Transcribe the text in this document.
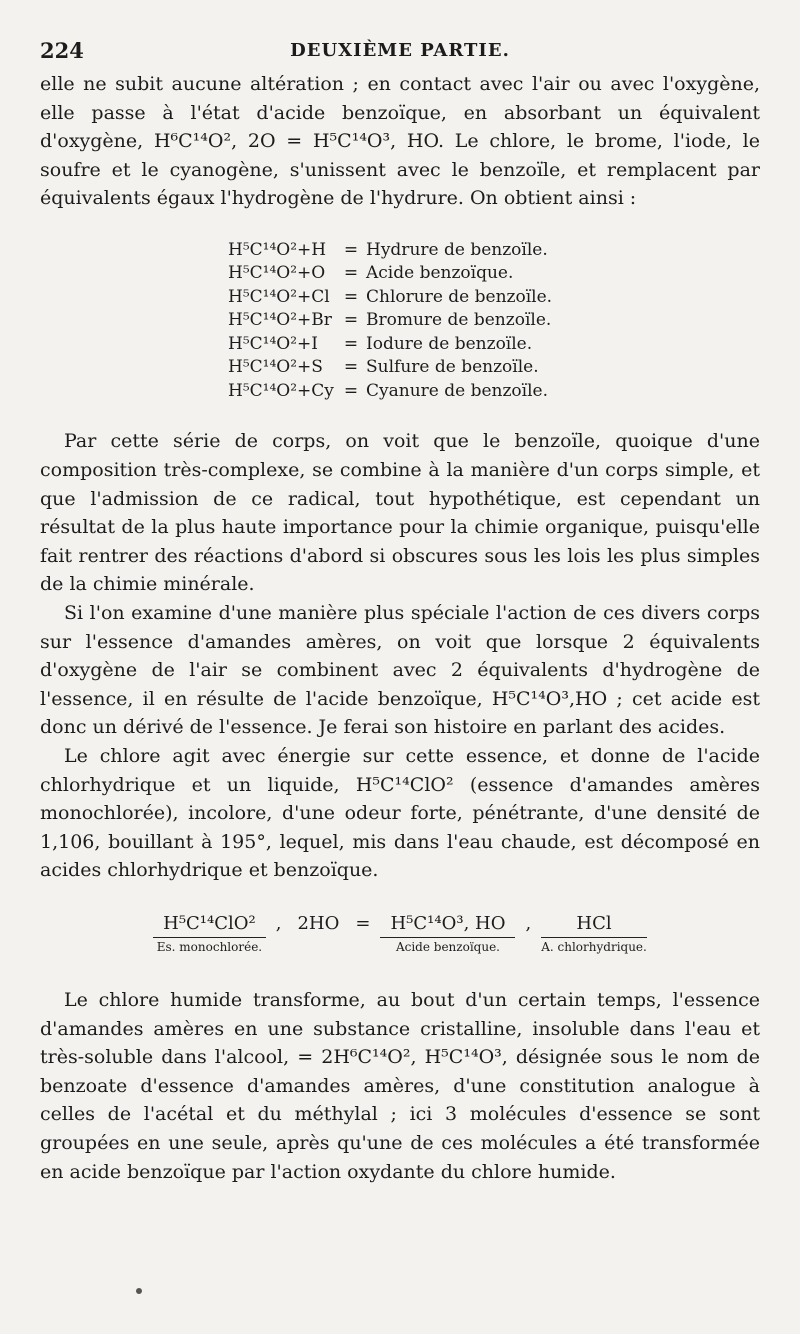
224	DEUXIÈME PARTIE.

elle ne subit aucune altération ; en contact avec l'air ou avec l'oxygène, elle passe à l'état d'acide benzoïque, en absorbant un équivalent d'oxygène, H⁶C¹⁴O², 2O = H⁵C¹⁴O³, HO. Le chlore, le brome, l'iode, le soufre et le cyanogène, s'unissent avec le benzoïle, et remplacent par équivalents égaux l'hydrogène de l'hydrure. On obtient ainsi :

H⁵C¹⁴O²+H	= Hydrure de benzoïle.
H⁵C¹⁴O²+O	= Acide benzoïque.
H⁵C¹⁴O²+Cl = Chlorure de benzoïle.
H⁵C¹⁴O²+Br = Bromure de benzoïle.
H⁵C¹⁴O²+I	= Iodure de benzoïle.
H⁵C¹⁴O²+S	= Sulfure de benzoïle.
H⁵C¹⁴O²+Cy = Cyanure de benzoïle.

Par cette série de corps, on voit que le benzoïle, quoique d'une composition très-complexe, se combine à la manière d'un corps simple, et que l'admission de ce radical, tout hypothétique, est cependant un résultat de la plus haute importance pour la chimie organique, puisqu'elle fait rentrer des réactions d'abord si obscures sous les lois les plus simples de la chimie minérale.

Si l'on examine d'une manière plus spéciale l'action de ces divers corps sur l'essence d'amandes amères, on voit que lorsque 2 équivalents d'oxygène de l'air se combinent avec 2 équivalents d'hydrogène de l'essence, il en résulte de l'acide benzoïque, H⁵C¹⁴O³,HO ; cet acide est donc un dérivé de l'essence. Je ferai son histoire en parlant des acides.

Le chlore agit avec énergie sur cette essence, et donne de l'acide chlorhydrique et un liquide, H⁵C¹⁴ClO² (essence d'amandes amères monochlorée), incolore, d'une odeur forte, pénétrante, d'une densité de 1,106, bouillant à 195°, lequel, mis dans l'eau chaude, est décomposé en acides chlorhydrique et benzoïque.

H⁵C¹⁴ClO²
Es. monochlorée.
, 2HO =	H⁵C¹⁴O³, HO
Acide benzoïque.
,	HCl
A. chlorhydrique.

Le chlore humide transforme, au bout d'un certain temps, l'essence d'amandes amères en une substance cristalline, insoluble dans l'eau et très-soluble dans l'alcool, = 2H⁶C¹⁴O², H⁵C¹⁴O³, désignée sous le nom de benzoate d'essence d'amandes amères, d'une constitution analogue à celles de l'acétal et du méthylal ; ici 3 molécules d'essence se sont groupées en une seule, après qu'une de ces molécules a été transformée en acide benzoïque par l'action oxydante du chlore humide.
